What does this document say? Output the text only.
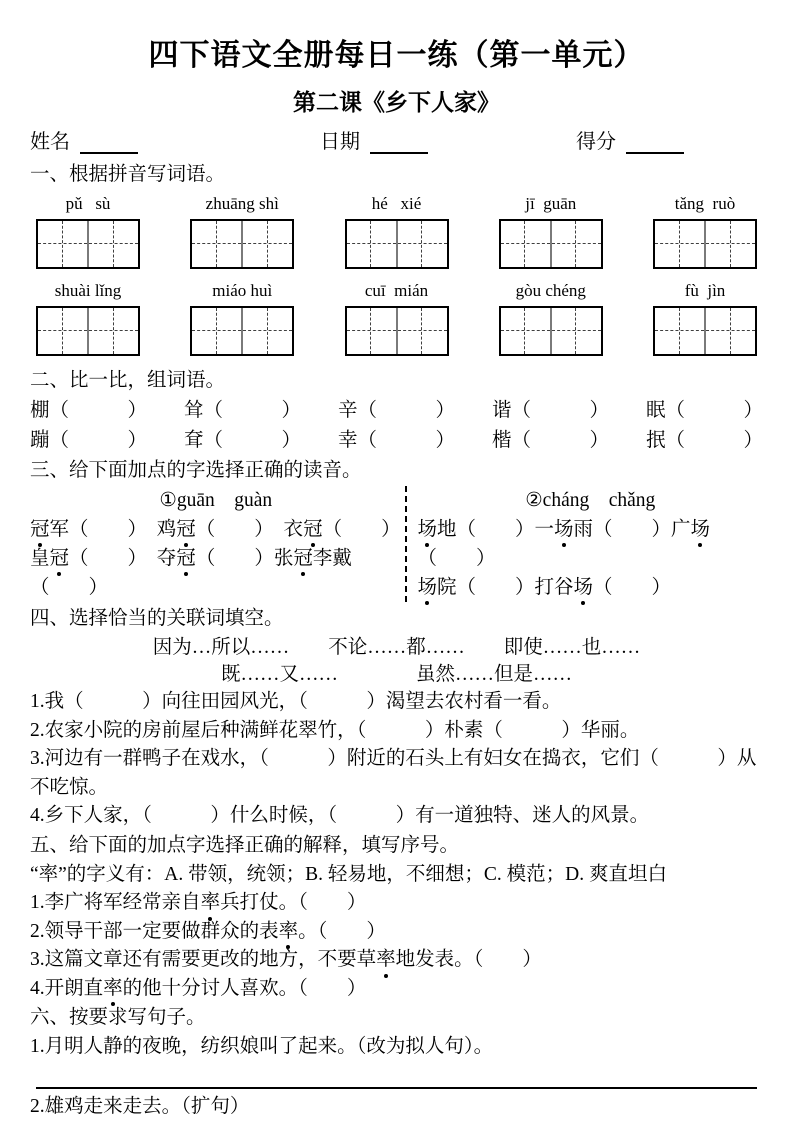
四下语文全册每日一练（第一单元）
第二课《乡下人家》
姓名	日期	得分
一、根据拼音写词语。
pǔ   sù	zhuāng shì	hé   xié	jī  guān	tǎng  ruò
shuài lǐng	miáo huì	cuī  mián	gòu chéng	fù  jìn
二、比一比，组词语。
棚（　　　） 耸（　　　） 辛（　　　） 谐（　　　） 眠（　　　）
蹦（　　　） 耷（　　　） 幸（　　　） 楷（　　　） 抿（　　　）
三、给下面加点的字选择正确的读音。
①guān　guàn
冠军（　　）　鸡冠（　　）　衣冠（　　）
皇冠（　　）　夺冠（　　）张冠李戴（　　）
②cháng　chǎng
场地（　　）一场雨（　　）广场（　　）
场院（　　）打谷场（　　）
四、选择恰当的关联词填空。
因为…所以……　　不论……都……　　即使……也……
既……又……　　　　虽然……但是……
1.我（　　　）向往田园风光，（　　　）渴望去农村看一看。
2.农家小院的房前屋后种满鲜花翠竹，（　　　）朴素（　　　）华丽。
3.河边有一群鸭子在戏水，（　　　）附近的石头上有妇女在捣衣，它们（　　　）从不吃惊。
4.乡下人家，（　　　）什么时候，（　　　）有一道独特、迷人的风景。
五、给下面的加点字选择正确的解释，填写序号。
“率”的字义有：A. 带领，统领；B. 轻易地，不细想；C. 模范；D. 爽直坦白
1.李广将军经常亲自率兵打仗。（　　）
2.领导干部一定要做群众的表率。（　　）
3.这篇文章还有需要更改的地方，不要草率地发表。（　　）
4.开朗直率的他十分讨人喜欢。（　　）
六、按要求写句子。
1.月明人静的夜晚，纺织娘叫了起来。（改为拟人句）。
2.雄鸡走来走去。（扩句）
